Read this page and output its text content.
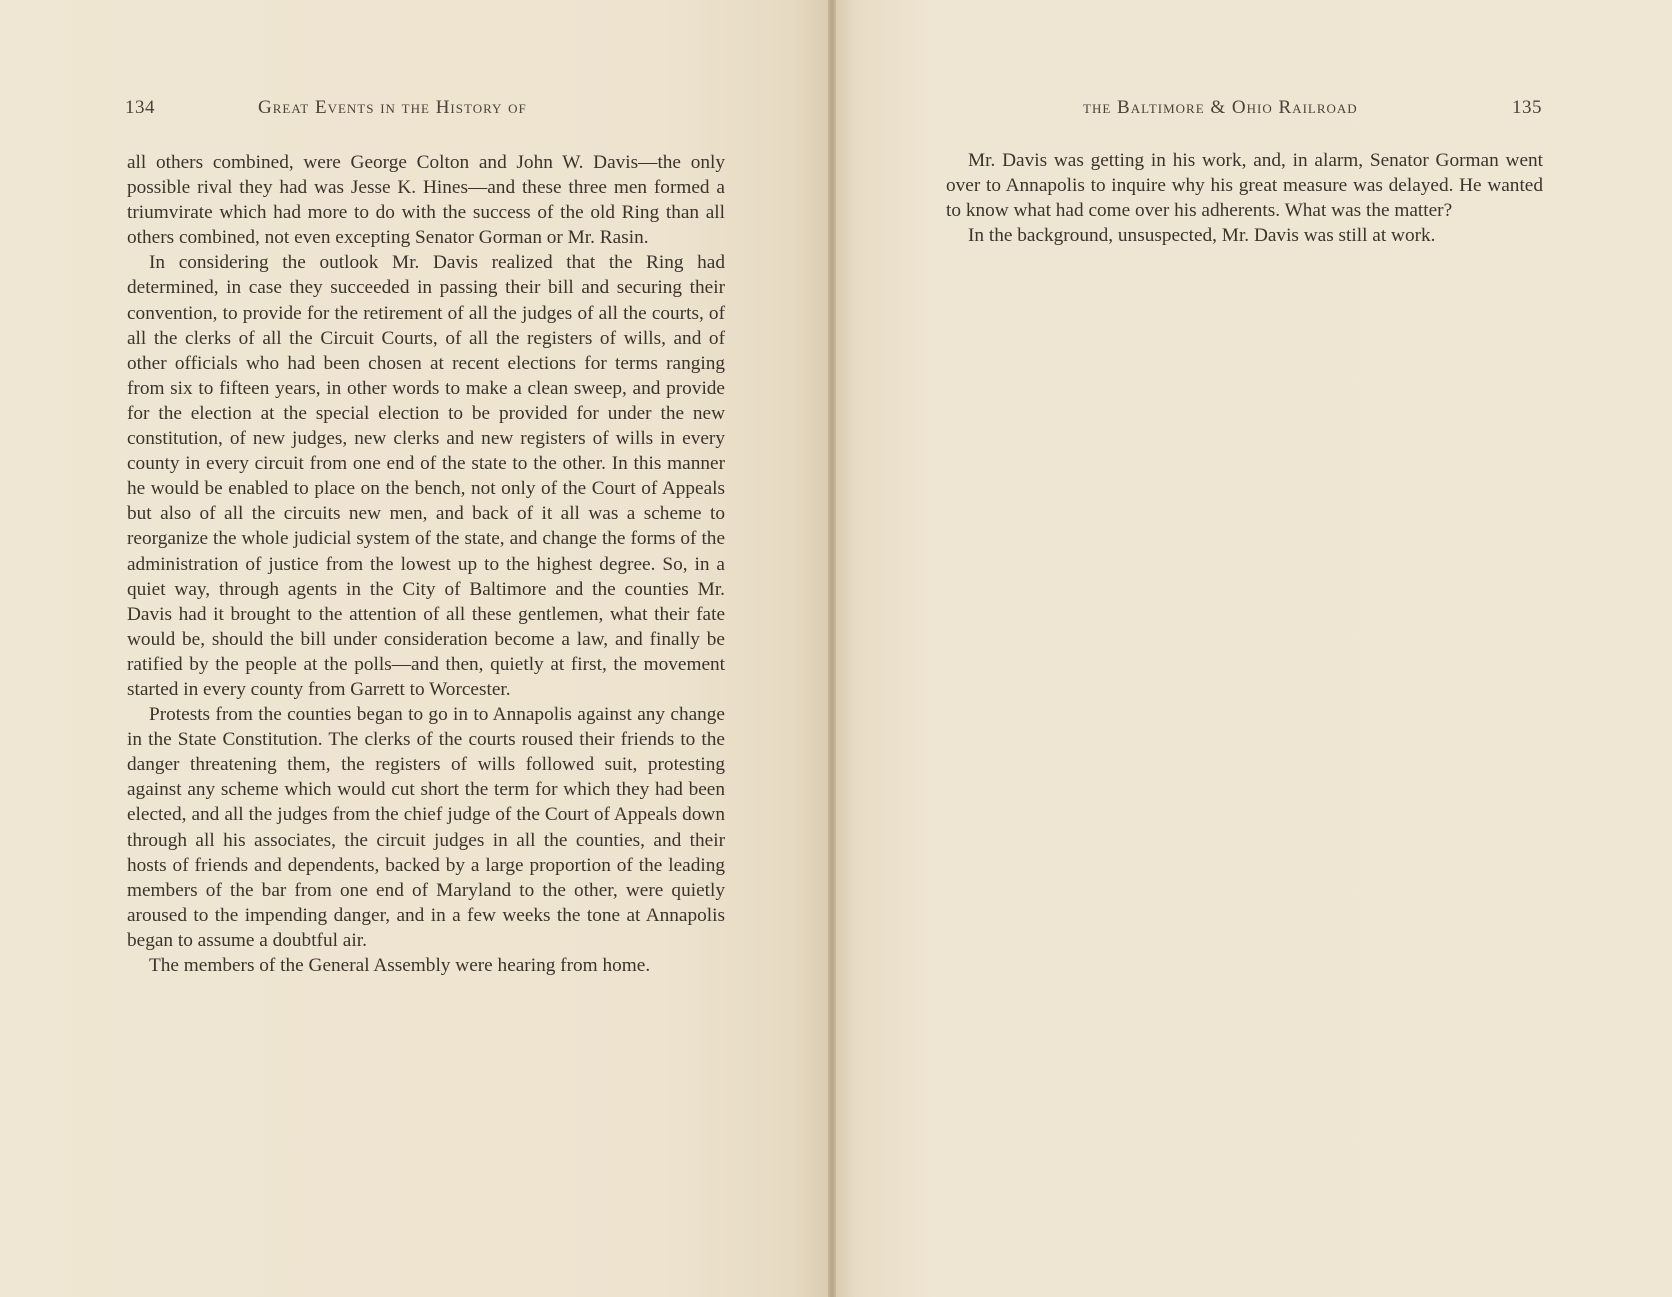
134	Great Events in the History of

all others combined, were George Colton and John W. Davis—the only possible rival they had was Jesse K. Hines—and these three men formed a triumvirate which had more to do with the success of the old Ring than all others combined, not even excepting Senator Gorman or Mr. Rasin.

In considering the outlook Mr. Davis realized that the Ring had determined, in case they succeeded in passing their bill and securing their convention, to provide for the retirement of all the judges of all the courts, of all the clerks of all the Circuit Courts, of all the registers of wills, and of other officials who had been chosen at recent elections for terms ranging from six to fifteen years, in other words to make a clean sweep, and provide for the election at the special election to be provided for under the new constitution, of new judges, new clerks and new registers of wills in every county in every circuit from one end of the state to the other. In this manner he would be enabled to place on the bench, not only of the Court of Appeals but also of all the circuits new men, and back of it all was a scheme to reorganize the whole judicial system of the state, and change the forms of the administration of justice from the lowest up to the highest degree. So, in a quiet way, through agents in the City of Baltimore and the counties Mr. Davis had it brought to the attention of all these gentlemen, what their fate would be, should the bill under consideration become a law, and finally be ratified by the people at the polls—and then, quietly at first, the movement started in every county from Garrett to Worcester.

Protests from the counties began to go in to Annapolis against any change in the State Constitution. The clerks of the courts roused their friends to the danger threatening them, the registers of wills followed suit, protesting against any scheme which would cut short the term for which they had been elected, and all the judges from the chief judge of the Court of Appeals down through all his associates, the circuit judges in all the counties, and their hosts of friends and dependents, backed by a large proportion of the leading members of the bar from one end of Maryland to the other, were quietly aroused to the impending danger, and in a few weeks the tone at Annapolis began to assume a doubtful air.

The members of the General Assembly were hearing from home.

the Baltimore & Ohio Railroad	135

Mr. Davis was getting in his work, and, in alarm, Senator Gorman went over to Annapolis to inquire why his great measure was delayed. He wanted to know what had come over his adherents. What was the matter?

In the background, unsuspected, Mr. Davis was still at work.
